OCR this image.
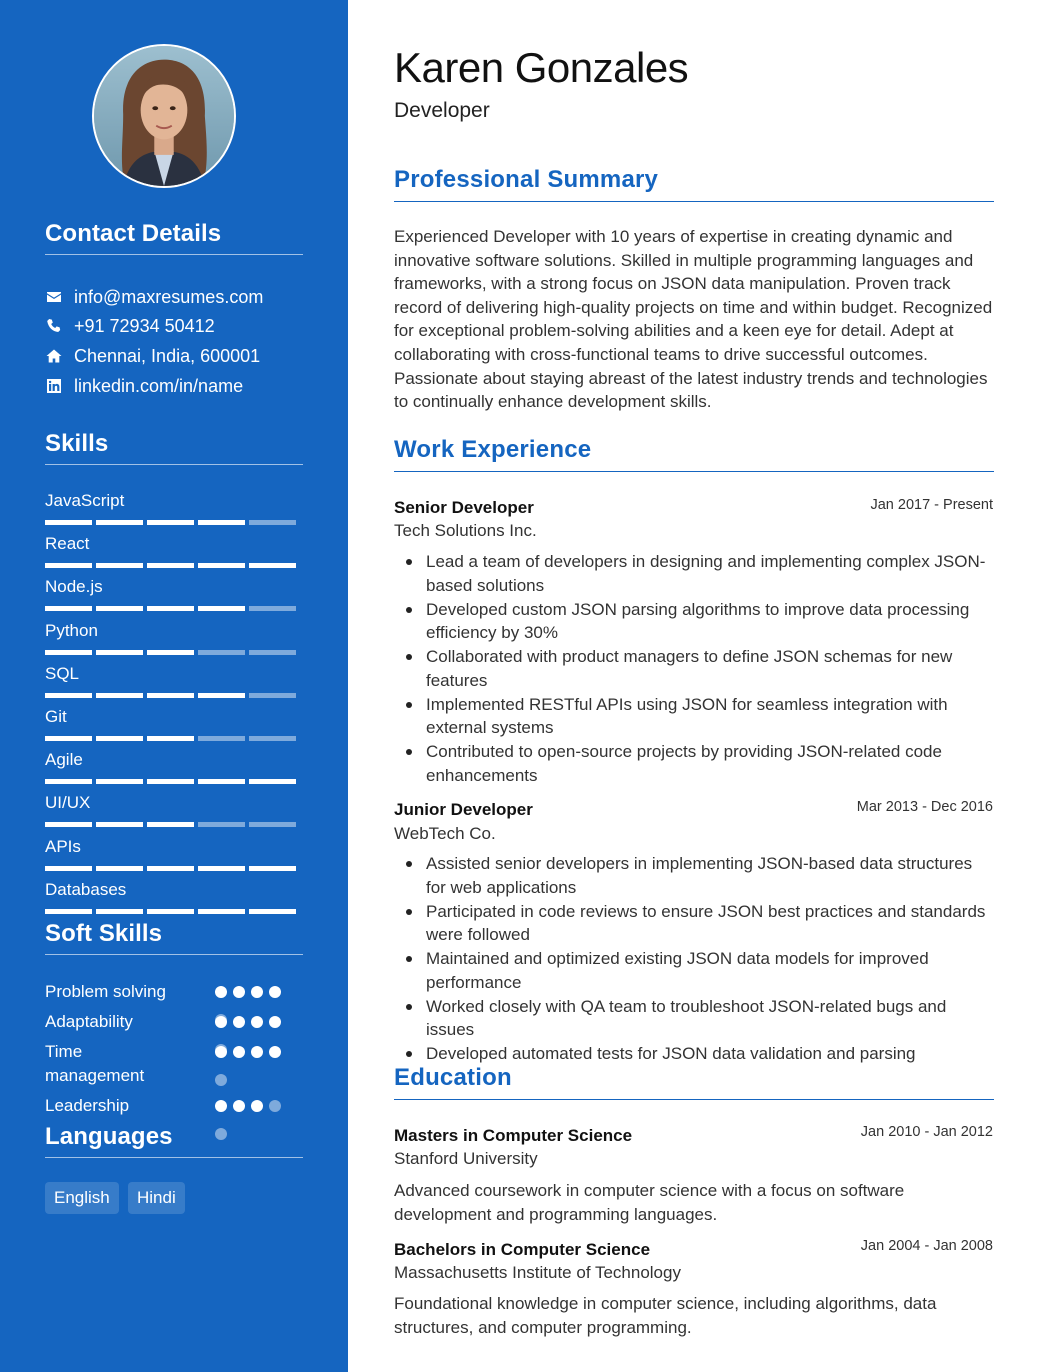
Contact Details
info@maxresumes.com
+91 72934 50412
Chennai, India, 600001
linkedin.com/in/name
Skills
JavaScript
React
Node.js
Python
SQL
Git
Agile
UI/UX
APIs
Databases
Soft Skills
Problem solving
Adaptability
Time management
Leadership
Languages
English	Hindi
Karen Gonzales
Developer
Professional Summary
Experienced Developer with 10 years of expertise in creating dynamic and innovative software solutions. Skilled in multiple programming languages and frameworks, with a strong focus on JSON data manipulation. Proven track record of delivering high-quality projects on time and within budget. Recognized for exceptional problem-solving abilities and a keen eye for detail. Adept at collaborating with cross-functional teams to drive successful outcomes. Passionate about staying abreast of the latest industry trends and technologies to continually enhance development skills.
Work Experience
Senior Developer	Jan 2017 - Present
Tech Solutions Inc.
Lead a team of developers in designing and implementing complex JSON-based solutions
Developed custom JSON parsing algorithms to improve data processing efficiency by 30%
Collaborated with product managers to define JSON schemas for new features
Implemented RESTful APIs using JSON for seamless integration with external systems
Contributed to open-source projects by providing JSON-related code enhancements
Junior Developer	Mar 2013 - Dec 2016
WebTech Co.
Assisted senior developers in implementing JSON-based data structures for web applications
Participated in code reviews to ensure JSON best practices and standards were followed
Maintained and optimized existing JSON data models for improved performance
Worked closely with QA team to troubleshoot JSON-related bugs and issues
Developed automated tests for JSON data validation and parsing
Education
Masters in Computer Science	Jan 2010 - Jan 2012
Stanford University
Advanced coursework in computer science with a focus on software development and programming languages.
Bachelors in Computer Science	Jan 2004 - Jan 2008
Massachusetts Institute of Technology
Foundational knowledge in computer science, including algorithms, data structures, and computer programming.
